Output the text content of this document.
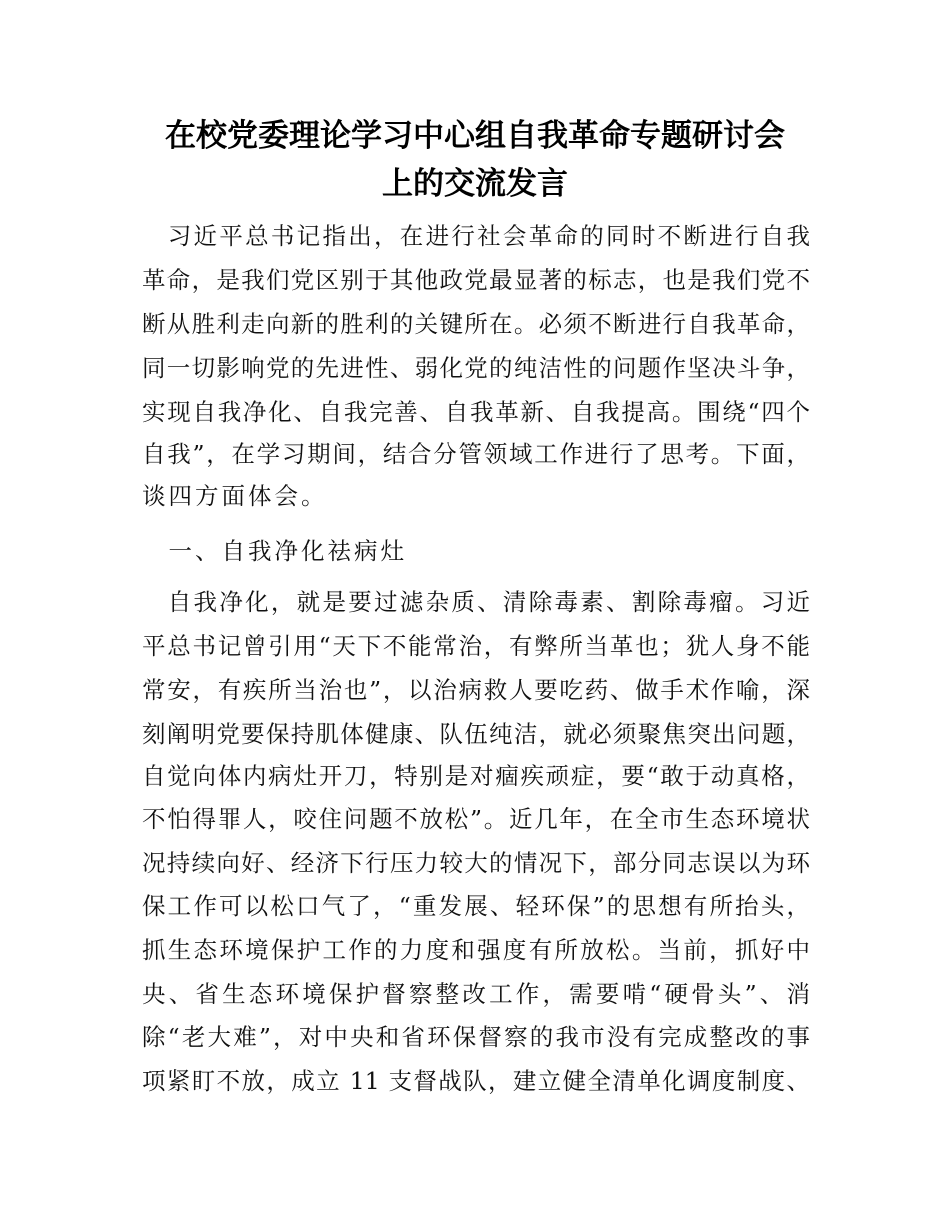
在校党委理论学习中心组自我革命专题研讨会
上的交流发言
　习近平总书记指出，在进行社会革命的同时不断进行自我
革命，是我们党区别于其他政党最显著的标志，也是我们党不
断从胜利走向新的胜利的关键所在。必须不断进行自我革命，
同一切影响党的先进性、弱化党的纯洁性的问题作坚决斗争，
实现自我净化、自我完善、自我革新、自我提高。围绕“四个
自我”，在学习期间，结合分管领域工作进行了思考。下面，
谈四方面体会。
　一、自我净化祛病灶
　自我净化，就是要过滤杂质、清除毒素、割除毒瘤。习近
平总书记曾引用“天下不能常治，有弊所当革也；犹人身不能
常安，有疾所当治也”，以治病救人要吃药、做手术作喻，深
刻阐明党要保持肌体健康、队伍纯洁，就必须聚焦突出问题，
自觉向体内病灶开刀，特别是对痼疾顽症，要“敢于动真格，
不怕得罪人，咬住问题不放松”。近几年，在全市生态环境状
况持续向好、经济下行压力较大的情况下，部分同志误以为环
保工作可以松口气了，“重发展、轻环保”的思想有所抬头，
抓生态环境保护工作的力度和强度有所放松。当前，抓好中
央、省生态环境保护督察整改工作，需要啃“硬骨头”、消
除“老大难”，对中央和省环保督察的我市没有完成整改的事
项紧盯不放，成立 11 支督战队，建立健全清单化调度制度、
